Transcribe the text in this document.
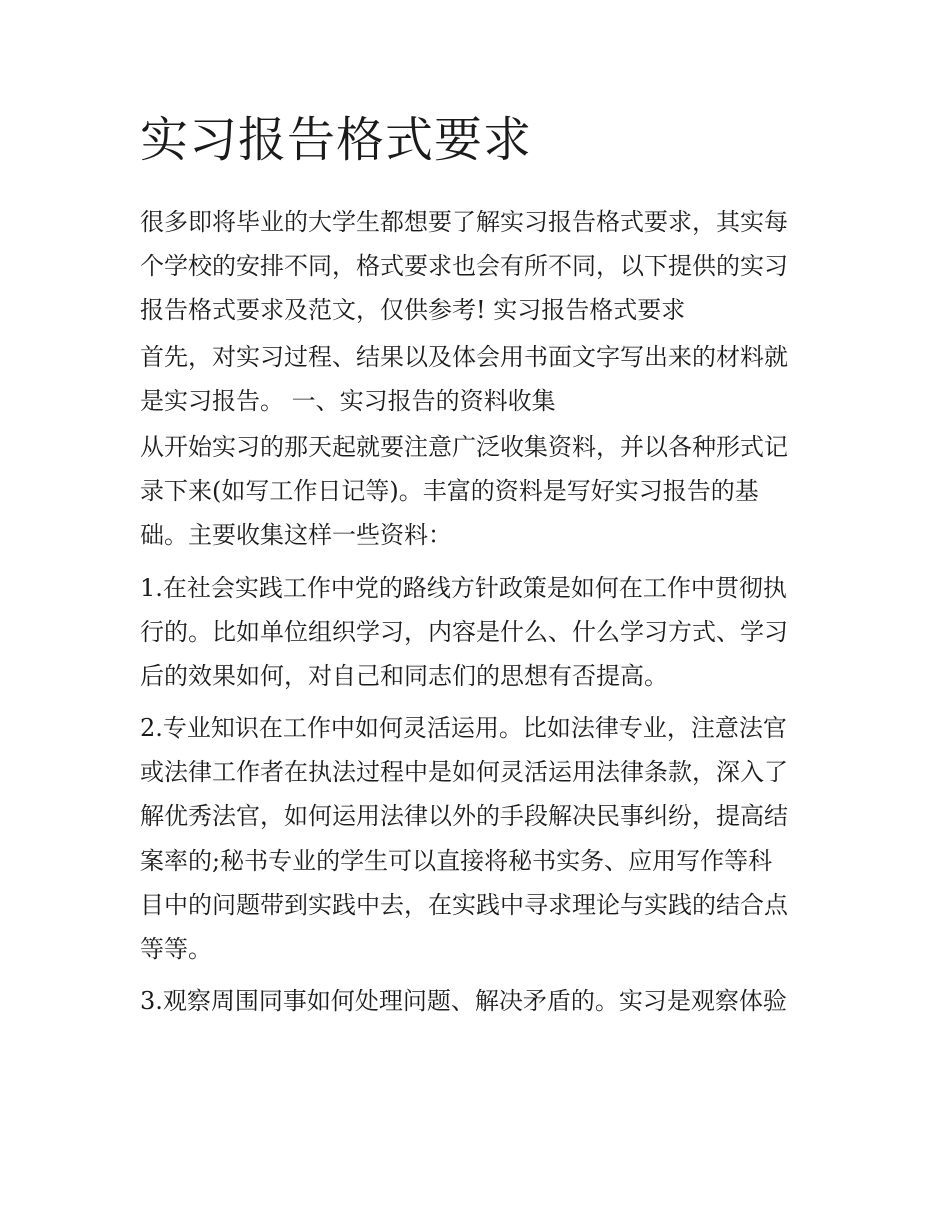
实习报告格式要求
很多即将毕业的大学生都想要了解实习报告格式要求，其实每
个学校的安排不同，格式要求也会有所不同，以下提供的实习
报告格式要求及范文，仅供参考! 实习报告格式要求
首先，对实习过程、结果以及体会用书面文字写出来的材料就
是实习报告。 一、实习报告的资料收集
从开始实习的那天起就要注意广泛收集资料，并以各种形式记
录下来(如写工作日记等)。丰富的资料是写好实习报告的基
础。主要收集这样一些资料：
1.在社会实践工作中党的路线方针政策是如何在工作中贯彻执
行的。比如单位组织学习，内容是什么、什么学习方式、学习
后的效果如何，对自己和同志们的思想有否提高。
2.专业知识在工作中如何灵活运用。比如法律专业，注意法官
或法律工作者在执法过程中是如何灵活运用法律条款，深入了
解优秀法官，如何运用法律以外的手段解决民事纠纷，提高结
案率的;秘书专业的学生可以直接将秘书实务、应用写作等科
目中的问题带到实践中去，在实践中寻求理论与实践的结合点
等等。
3.观察周围同事如何处理问题、解决矛盾的。实习是观察体验
